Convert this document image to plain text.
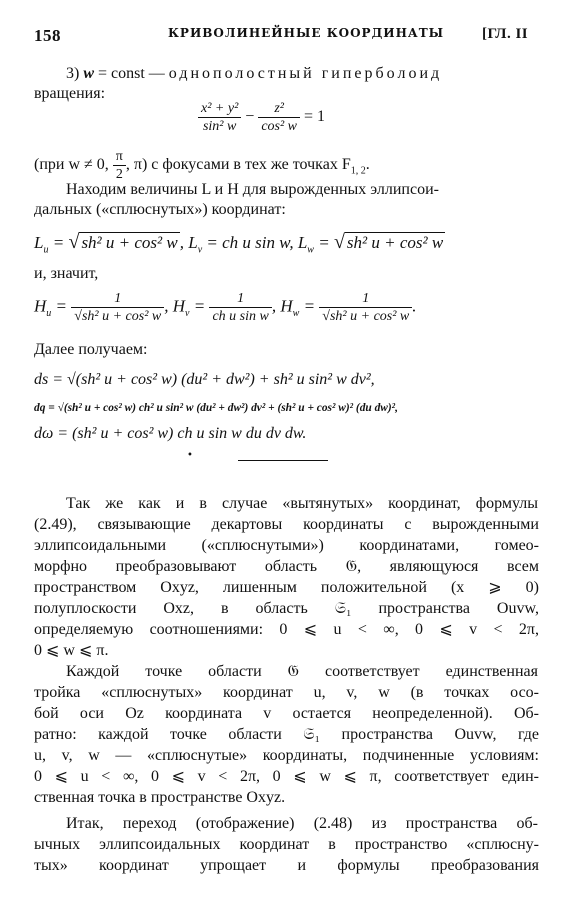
158	КРИВОЛИНЕЙНЫЕ КООРДИНАТЫ	[ГЛ. II
3) w = const — однополостный гиперболоид
вращения:
$\frac{\text{x² + y²}}{\text{sin² w}} - \frac{\text{z²}}{\text{cos² w}} = 1$
(при w ≠ 0, $\frac{\pi}{2}$ , π) с фокусами в тех же точках $F_{1, 2}$.
Находим величины L и H для вырожденных эллипсои-
дальных («сплюснутых») координат:
$L_u$ = √ sh² u + cos² w , $L_v$ = ch u sin w, $L_w$ = √ sh² u + cos² w
и, значит,
$H_u = \frac{1}{\text{√sh² u + cos² w}}$ , $H_v = \frac{1}{\text{ch u sin w}}$ , $H_w = \frac{1}{\text{√sh² u + cos² w}}$ .
Далее получаем:
ds = √(sh² u + cos² w) (du² + dw²) + sh² u sin² w dv²,
dq = √(sh² u + cos² w) ch² u sin² w (du² + dw²) dv² + (sh² u + cos² w)² (du dw)²,
dω = (sh² u + cos² w) ch u sin w du dv dw.
•
Так же как и в случае «вытянутых» координат, формулы
(2.49), связывающие декартовы координаты с вырожденными
эллипсоидальными («сплюснутыми») координатами, гомео-
морфно преобразовывают область 𝔊, являющуюся всем
пространством Oxyz, лишенным положительной (x ⩾ 0)
полуплоскости Oxz, в область 𝔖₁ пространства Ouvw,
определяемую соотношениями: 0 ⩽ u < ∞, 0 ⩽ v < 2π,
0 ⩽ w ⩽ π.
Каждой точке области 𝔊 соответствует единственная
тройка «сплюснутых» координат u, v, w (в точках осо-
бой оси Oz координата v остается неопределенной). Об-
ратно: каждой точке области 𝔖₁ пространства Ouvw, где
u, v, w — «сплюснутые» координаты, подчиненные условиям:
0 ⩽ u < ∞, 0 ⩽ v < 2π, 0 ⩽ w ⩽ π, соответствует един-
ственная точка в пространстве Oxyz.
Итак, переход (отображение) (2.48) из пространства об-
ычных эллипсоидальных координат в пространство «сплюсну-
тых» координат упрощает и формулы преобразования
